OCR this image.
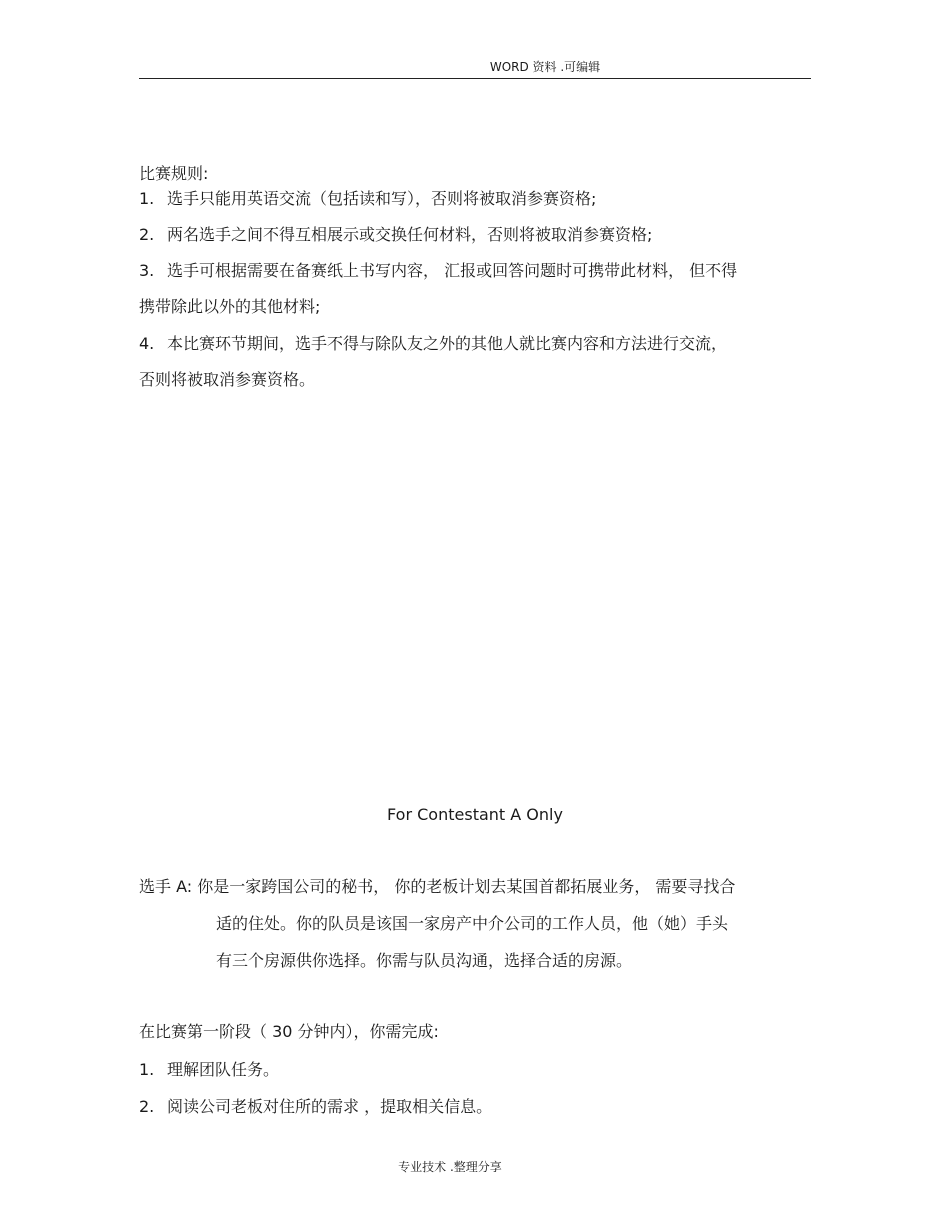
WORD 资料 .可编辑
比赛规则:
1. 选手只能用英语交流（包括读和写），否则将被取消参赛资格;
2. 两名选手之间不得互相展示或交换任何材料，否则将被取消参赛资格;
3. 选手可根据需要在备赛纸上书写内容， 汇报或回答问题时可携带此材料， 但不得
携带除此以外的其他材料;
4. 本比赛环节期间，选手不得与除队友之外的其他人就比赛内容和方法进行交流，
否则将被取消参赛资格。
For Contestant A Only
选手 A: 你是一家跨国公司的秘书， 你的老板计划去某国首都拓展业务， 需要寻找合
适的住处。你的队员是该国一家房产中介公司的工作人员，他（她）手头
有三个房源供你选择。你需与队员沟通，选择合适的房源。
在比赛第一阶段（ 30 分钟内），你需完成:
1. 理解团队任务。
2. 阅读公司老板对住所的需求 ，提取相关信息。
专业技术 .整理分享
